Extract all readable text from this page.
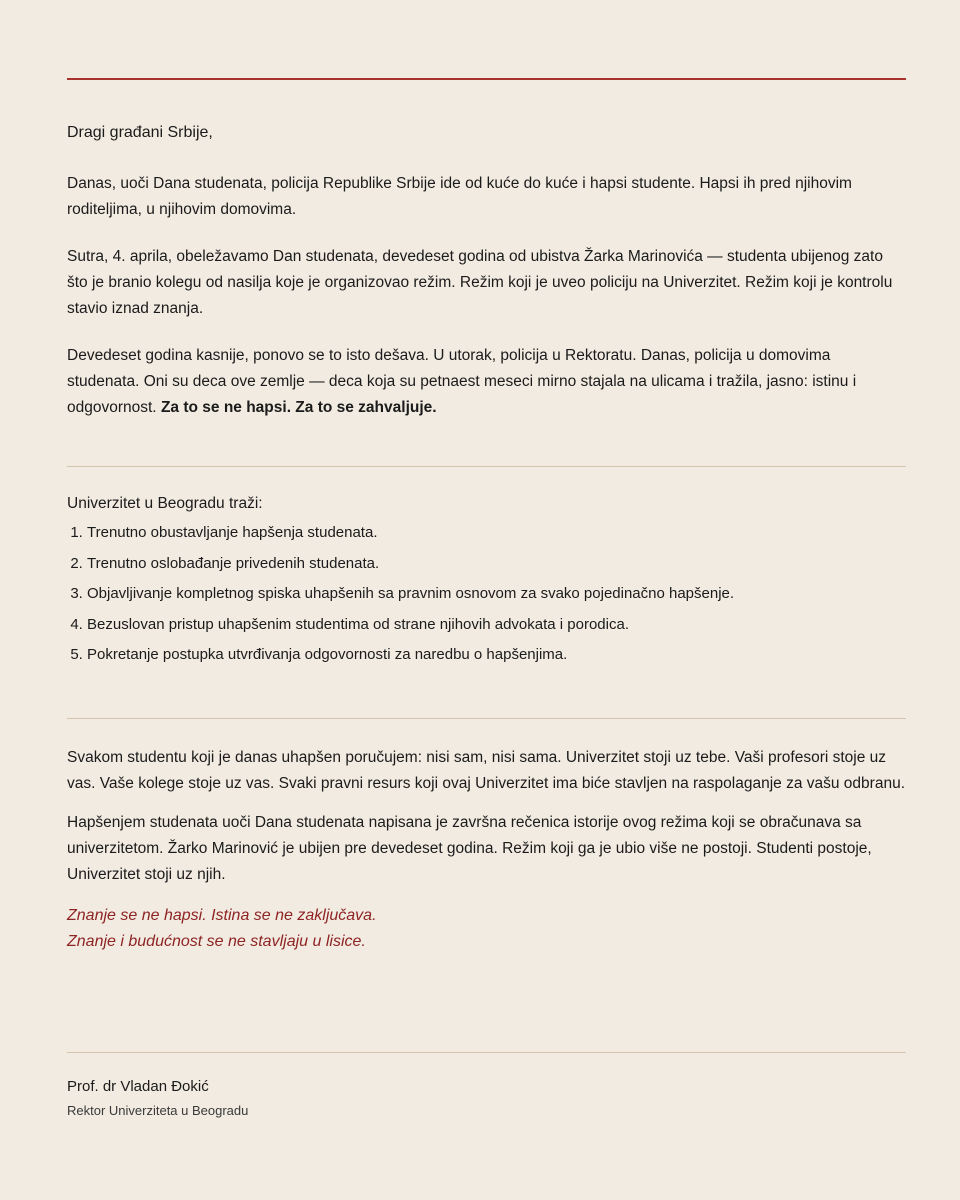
Dragi građani Srbije,

Danas, uoči Dana studenata, policija Republike Srbije ide od kuće do kuće i hapsi studente. Hapsi ih pred njihovim roditeljima, u njihovim domovima.

Sutra, 4. aprila, obeležavamo Dan studenata, devedeset godina od ubistva Žarka Marinovića — studenta ubijenog zato što je branio kolegu od nasilja koje je organizovao režim. Režim koji je uveo policiju na Univerzitet. Režim koji je kontrolu stavio iznad znanja.

Devedeset godina kasnije, ponovo se to isto dešava. U utorak, policija u Rektoratu. Danas, policija u domovima studenata. Oni su deca ove zemlje — deca koja su petnaest meseci mirno stajala na ulicama i tražila, jasno: istinu i odgovornost. Za to se ne hapsi. Za to se zahvaljuje.

Univerzitet u Beogradu traži:

1. Trenutno obustavljanje hapšenja studenata.
2. Trenutno oslobađanje privedenih studenata.
3. Objavljivanje kompletnog spiska uhapšenih sa pravnim osnovom za svako pojedinačno hapšenje.
4. Bezuslovan pristup uhapšenim studentima od strane njihovih advokata i porodica.
5. Pokretanje postupka utvrđivanja odgovornosti za naredbu o hapšenjima.

Svakom studentu koji je danas uhapšen poručujem: nisi sam, nisi sama. Univerzitet stoji uz tebe. Vaši profesori stoje uz vas. Vaše kolege stoje uz vas. Svaki pravni resurs koji ovaj Univerzitet ima biće stavljen na raspolaganje za vašu odbranu.

Hapšenjem studenata uoči Dana studenata napisana je završna rečenica istorije ovog režima koji se obračunava sa univerzitetom. Žarko Marinović je ubijen pre devedeset godina. Režim koji ga je ubio više ne postoji. Studenti postoje, Univerzitet stoji uz njih.

Znanje se ne hapsi. Istina se ne zaključava.
Znanje i budućnost se ne stavljaju u lisice.

Prof. dr Vladan Đokić

Rektor Univerziteta u Beogradu
